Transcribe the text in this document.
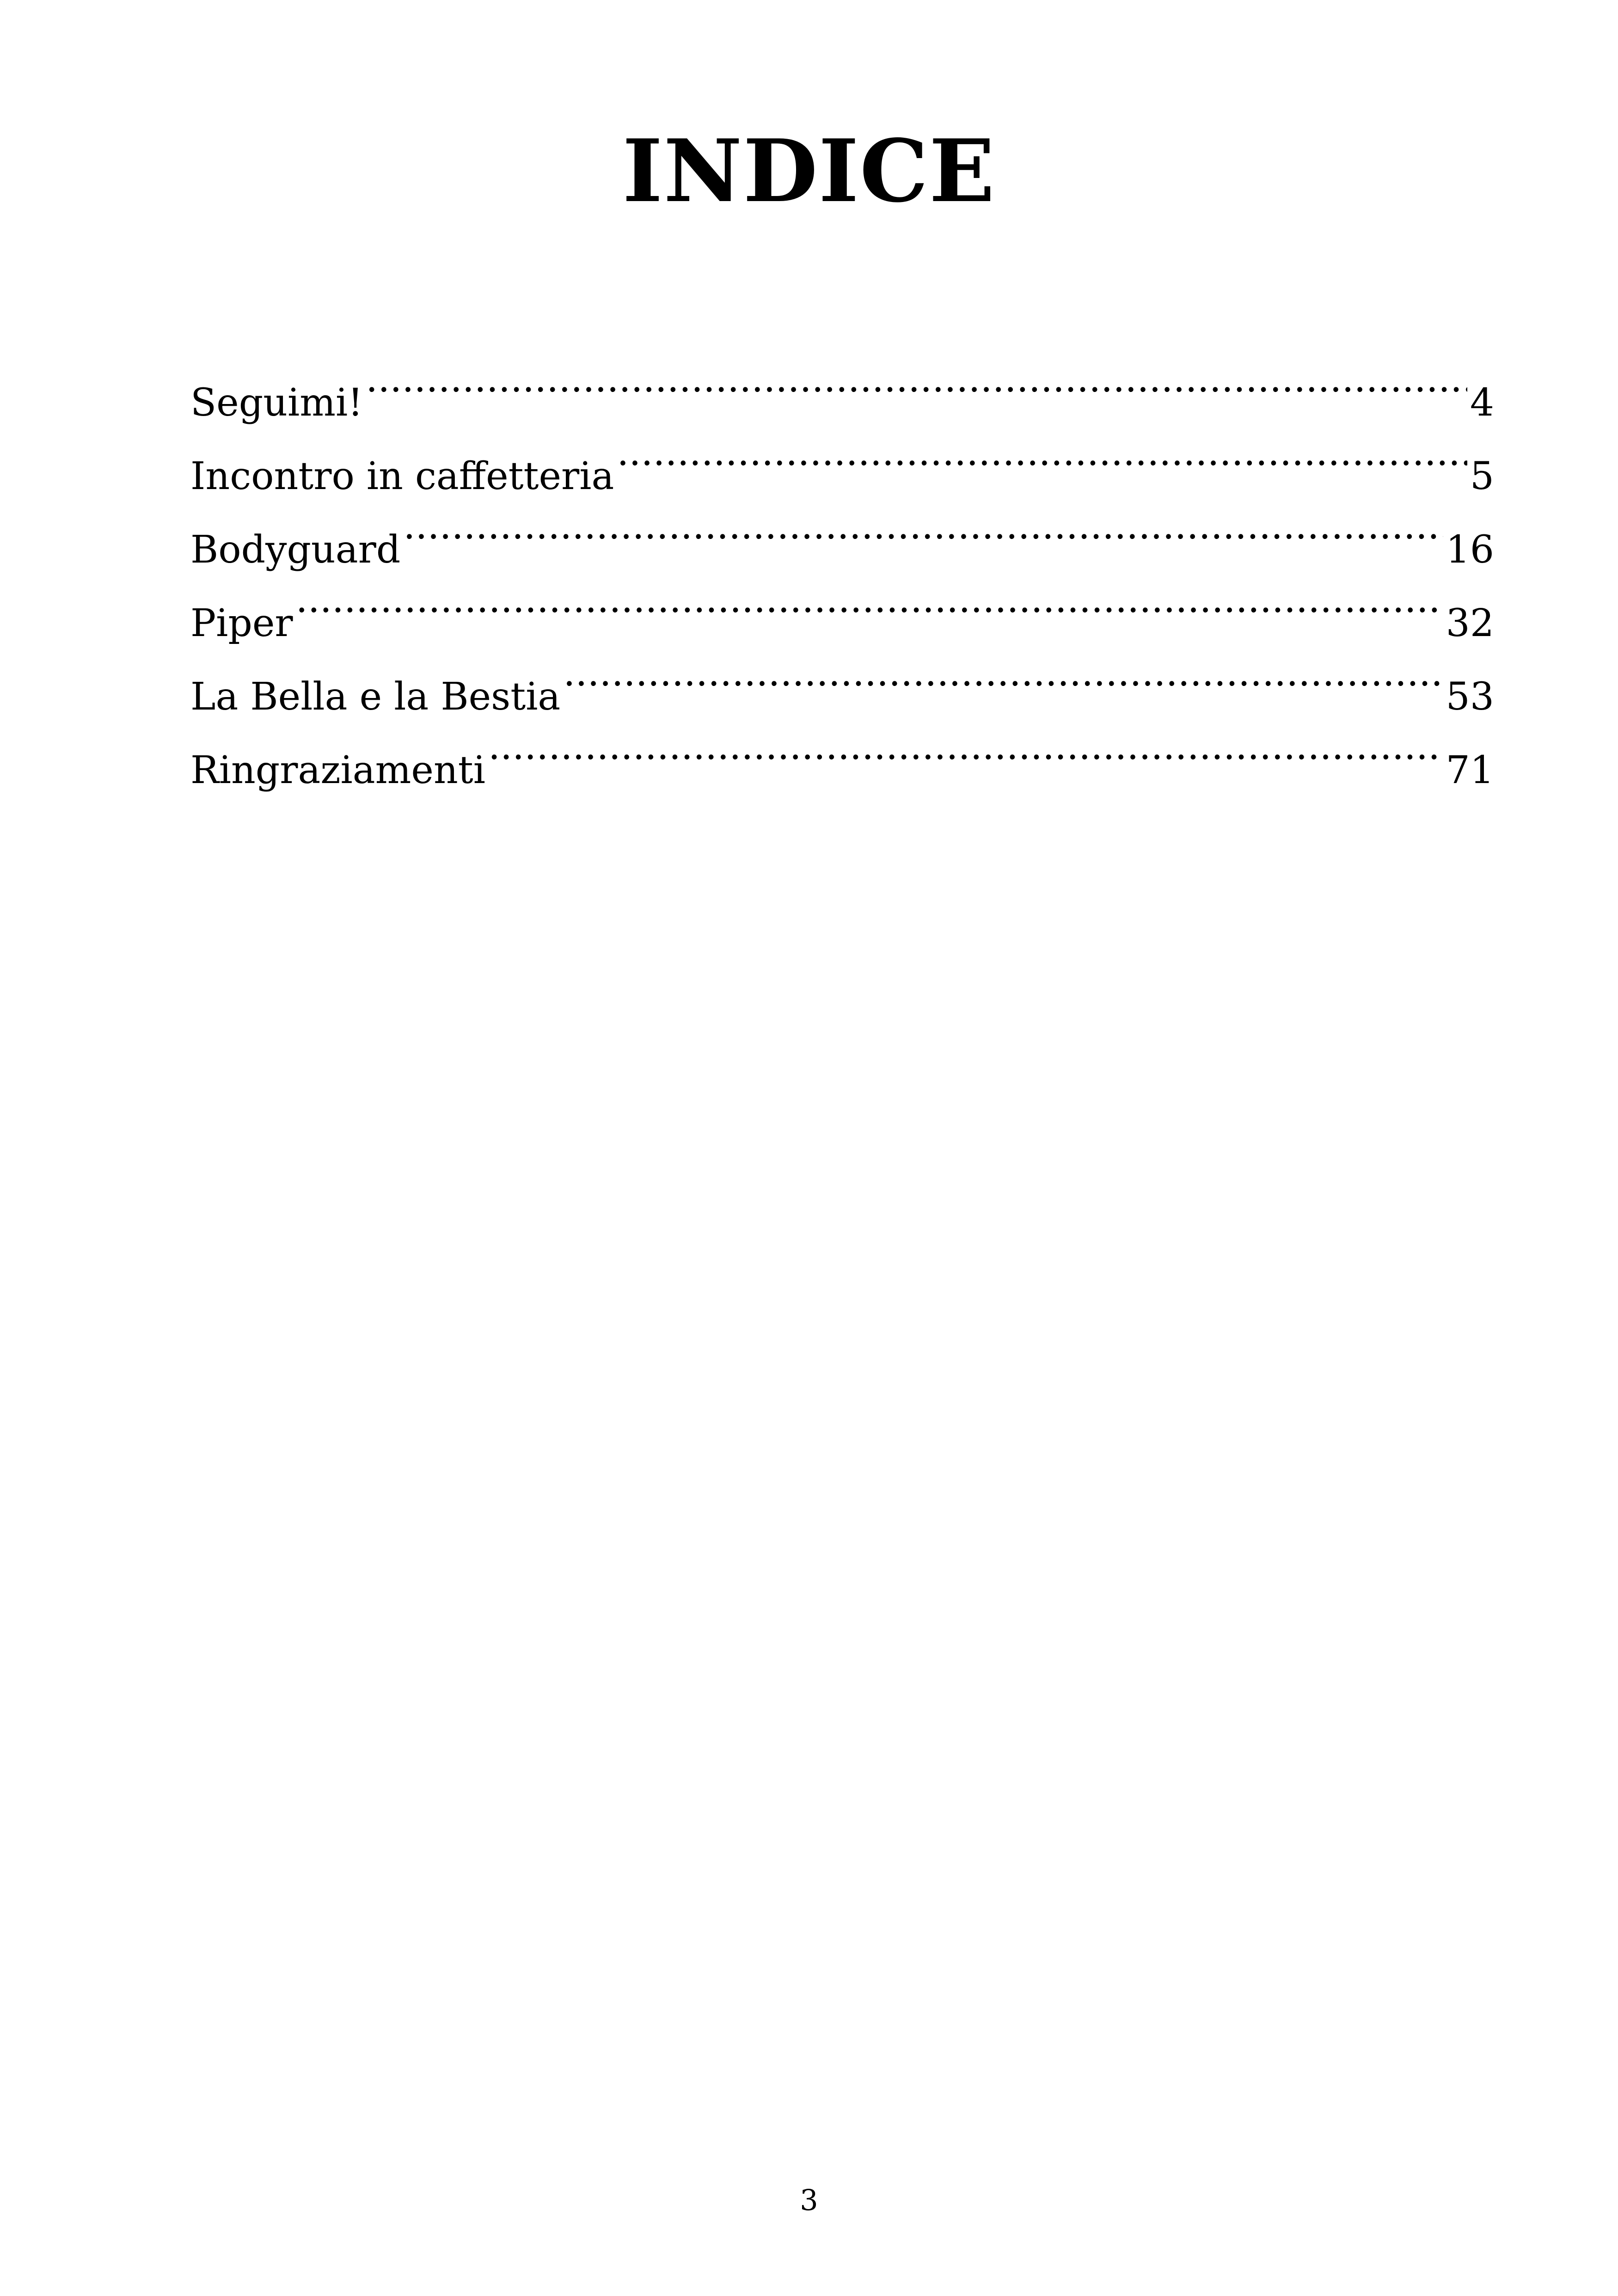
INDICE
Seguimi! .....	4
Incontro in caffetteria .....	5
Bodyguard .....	16
Piper .....	32
La Bella e la Bestia .....	53
Ringraziamenti .....	71
3
